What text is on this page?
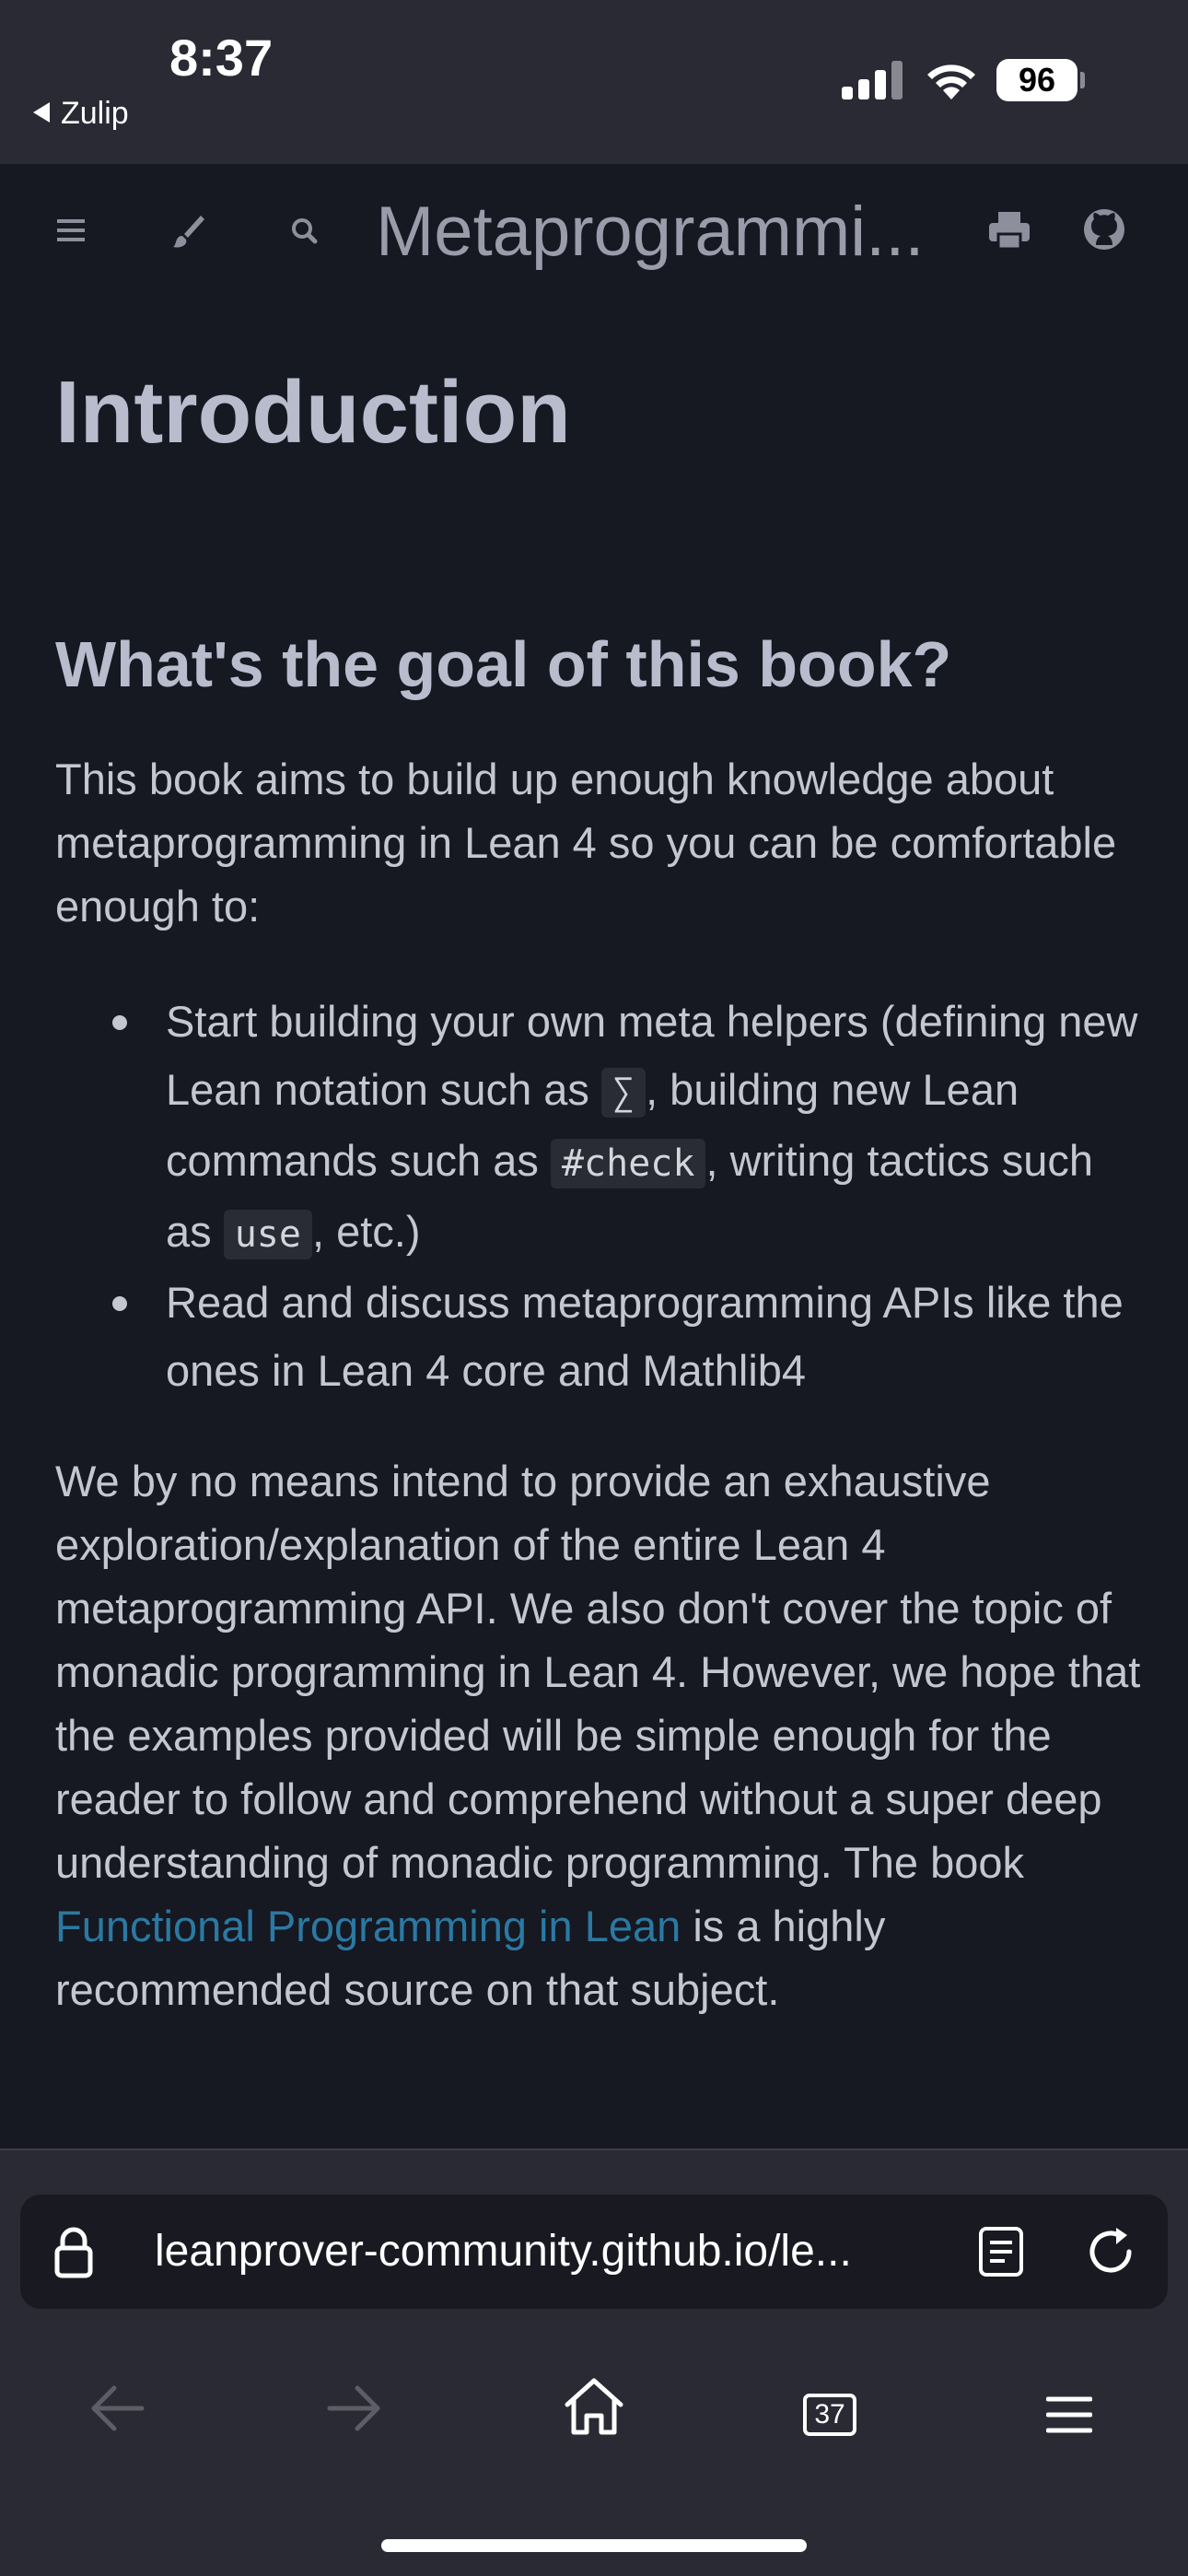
8:37
Zulip
96
Metaprogrammi...
Introduction
What's the goal of this book?

This book aims to build up enough knowledge about metaprogramming in Lean 4 so you can be comfortable enough to:

Start building your own meta helpers (defining new Lean notation such as ∑ , building new Lean commands such as #check , writing tactics such as use , etc.)
Read and discuss metaprogramming APIs like the ones in Lean 4 core and Mathlib4

We by no means intend to provide an exhaustive exploration/explanation of the entire Lean 4 metaprogramming API. We also don't cover the topic of monadic programming in Lean 4. However, we hope that the examples provided will be simple enough for the reader to follow and comprehend without a super deep understanding of monadic programming. The book Functional Programming in Lean is a highly recommended source on that subject.

leanprover-community.github.io/le...
37
